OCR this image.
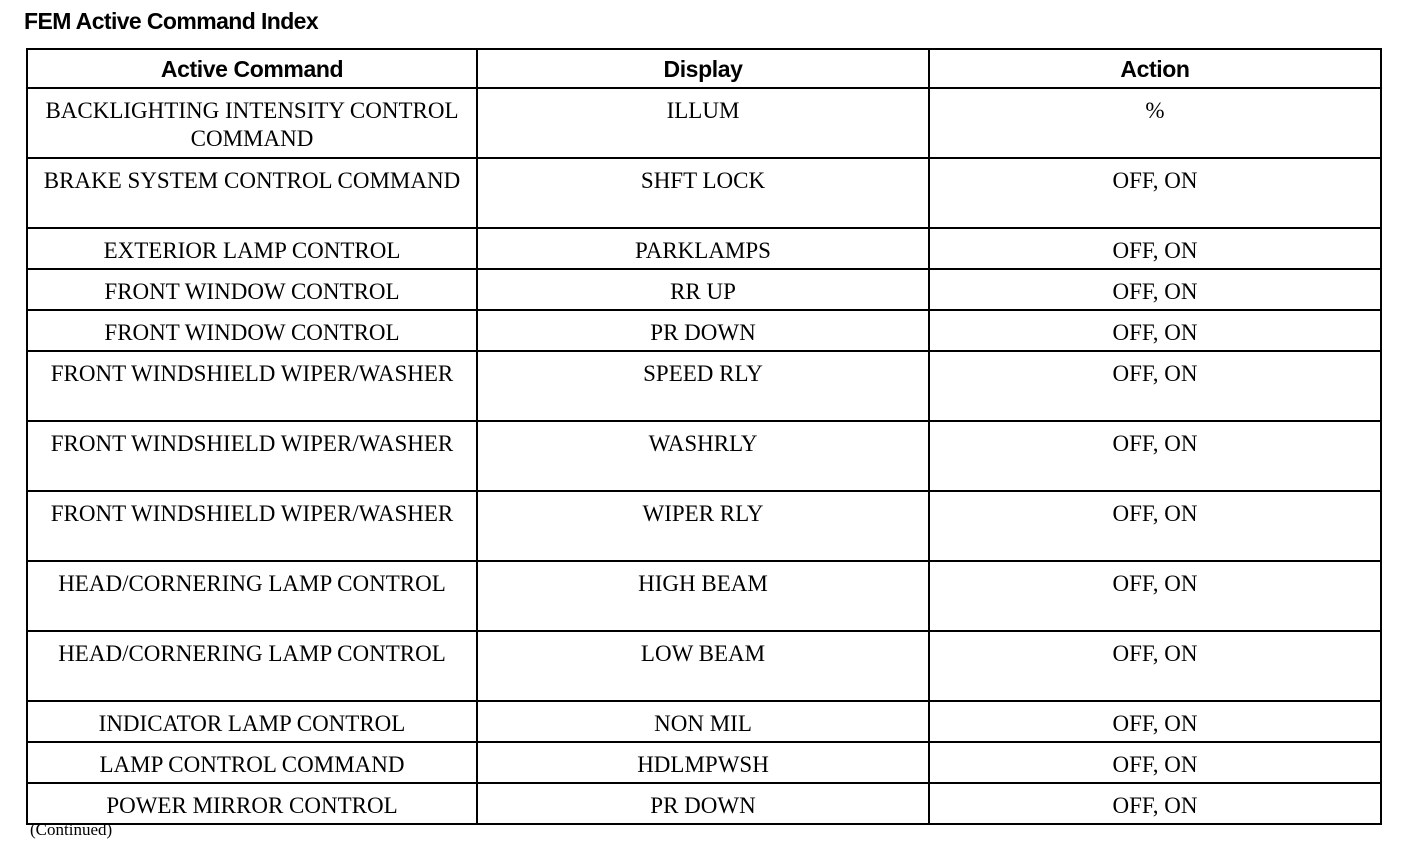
FEM Active Command Index
Active Command	Display	Action
BACKLIGHTING INTENSITY CONTROL COMMAND	ILLUM	%
BRAKE SYSTEM CONTROL COMMAND	SHFT LOCK	OFF, ON
EXTERIOR LAMP CONTROL	PARKLAMPS	OFF, ON
FRONT WINDOW CONTROL	RR UP	OFF, ON
FRONT WINDOW CONTROL	PR DOWN	OFF, ON
FRONT WINDSHIELD WIPER/WASHER	SPEED RLY	OFF, ON
FRONT WINDSHIELD WIPER/WASHER	WASHRLY	OFF, ON
FRONT WINDSHIELD WIPER/WASHER	WIPER RLY	OFF, ON
HEAD/CORNERING LAMP CONTROL	HIGH BEAM	OFF, ON
HEAD/CORNERING LAMP CONTROL	LOW BEAM	OFF, ON
INDICATOR LAMP CONTROL	NON MIL	OFF, ON
LAMP CONTROL COMMAND	HDLMPWSH	OFF, ON
POWER MIRROR CONTROL	PR DOWN	OFF, ON
(Continued)
